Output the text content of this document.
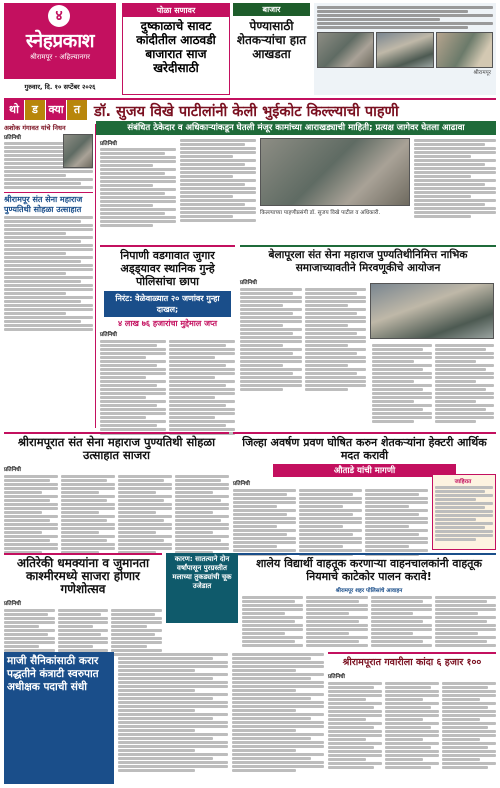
४
स्नेहप्रकाश
श्रीरामपूर - अहिल्यानगर
गुरुवार, दि. १० सप्टेंबर २०२६
पोळा सणावर
दुष्काळाचे सावट कांदीतील आठवडी बाजारात साज खरेदीसाठी
बाजार
पेण्यासाठी शेतकऱ्यांचा हात आखडता
श्रीरामपूर
थो	ड क्या त डॉ. सुजय विखे पाटीलांनी केली भुईकोट किल्ल्याची पाहणी
संबंधित ठेकेदार व अधिकाऱ्यांकडून घेतली मंजूर कामांच्या आराखड्याची माहिती; प्रत्यक्ष जागेवर घेतला आढावा
अशोक गंगावत यांचे निधन
प्रतिनिधी
श्रीरामपूर संत सेना महाराज पुण्यतिथी सोहळा उत्साहात
प्रतिनिधी
किल्ल्याच्या पाहणीप्रसंगी डॉ. सुजय विखे पाटील व अधिकारी.
निपाणी वडगावात जुगार अड्ड्यावर स्थानिक गुन्हे पोलिसांचा छापा
निरंट: वेळेवाळ्यात २० जणांवर गुन्हा दाखल;
४ लाख ७६ हजारांचा मुद्देमाल जप्त
प्रतिनिधी
बेलापूरला संत सेना महाराज पुण्यतिथीनिमित्त नाभिक समाजाच्यावतीने मिरवणूकीचे आयोजन
प्रतिनिधी
श्रीरामपूरात संत सेना महाराज पुण्यतिथी सोहळा उत्साहात साजरा
प्रतिनिधी
जिल्हा अवर्षण प्रवण घोषित करुन शेतकऱ्यांना हेक्टरी आर्थिक मदत करावी
औताडे यांची मागणी
प्रतिनिधी	जाहिरात
अतिरेकी धमक्यांना व जुमानता काश्मीरमध्ये साजरा होणार गणेशोत्सव
प्रतिनिधी
शालेय विद्यार्थी वाहतूक करणाऱ्या वाहनचालकांनी वाहतूक नियमाचे काटेकोर पालन करावे!
श्रीरामपूर शहर पोलिसांचे आवाहन
कारण: सातत्याने दोन वर्षांपासून पुरग्रस्तीत मलाच्या तुकड्यांची चूक उजेडात
माजी सैनिकांसाठी करार पद्धतीने कंत्राटी स्वरुपात अधीक्षक पदाची संधी
श्रीरामपूरात गवारीला कांदा ६ हजार १००
प्रतिनिधी
